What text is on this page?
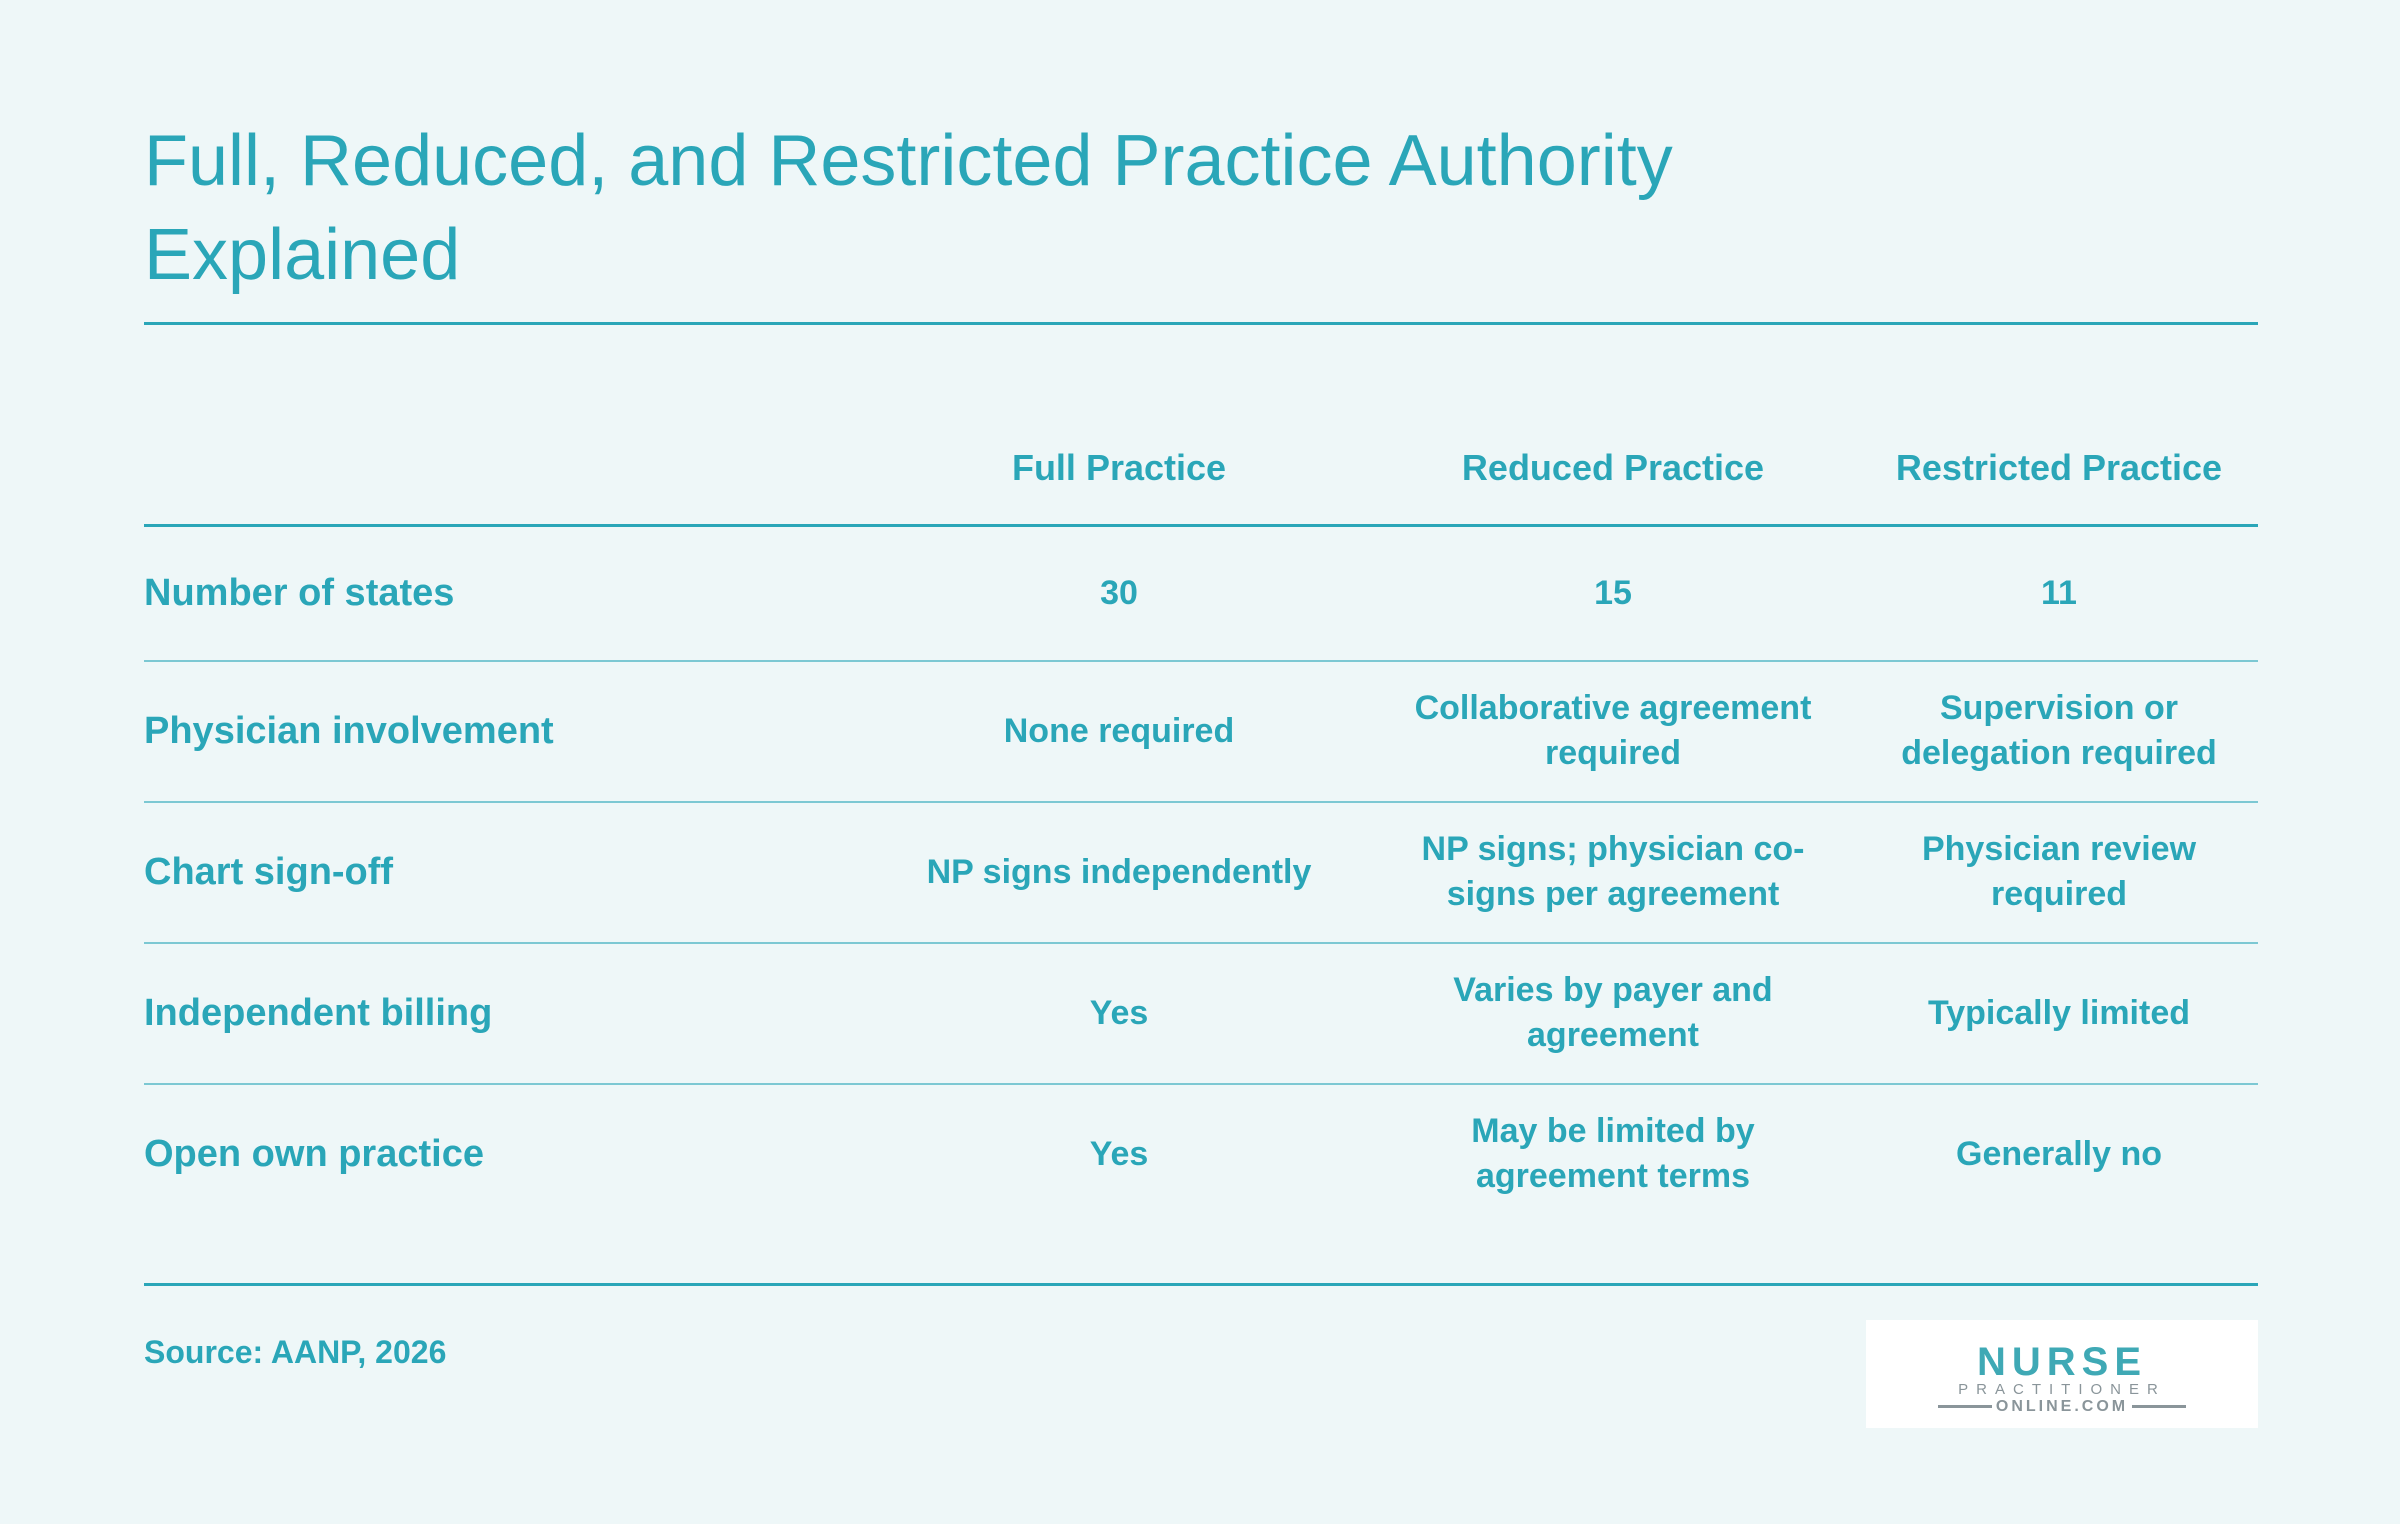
Full, Reduced, and Restricted Practice Authority Explained
	Full Practice	Reduced Practice	Restricted Practice
Number of states	30	15	11
Physician involvement	None required	Collaborative agreement required	Supervision or delegation required
Chart sign-off	NP signs independently	NP signs; physician co-signs per agreement	Physician review required
Independent billing	Yes	Varies by payer and agreement	Typically limited
Open own practice	Yes	May be limited by agreement terms	Generally no
Source: AANP, 2026	NURSE
PRACTITIONER
ONLINE.COM
